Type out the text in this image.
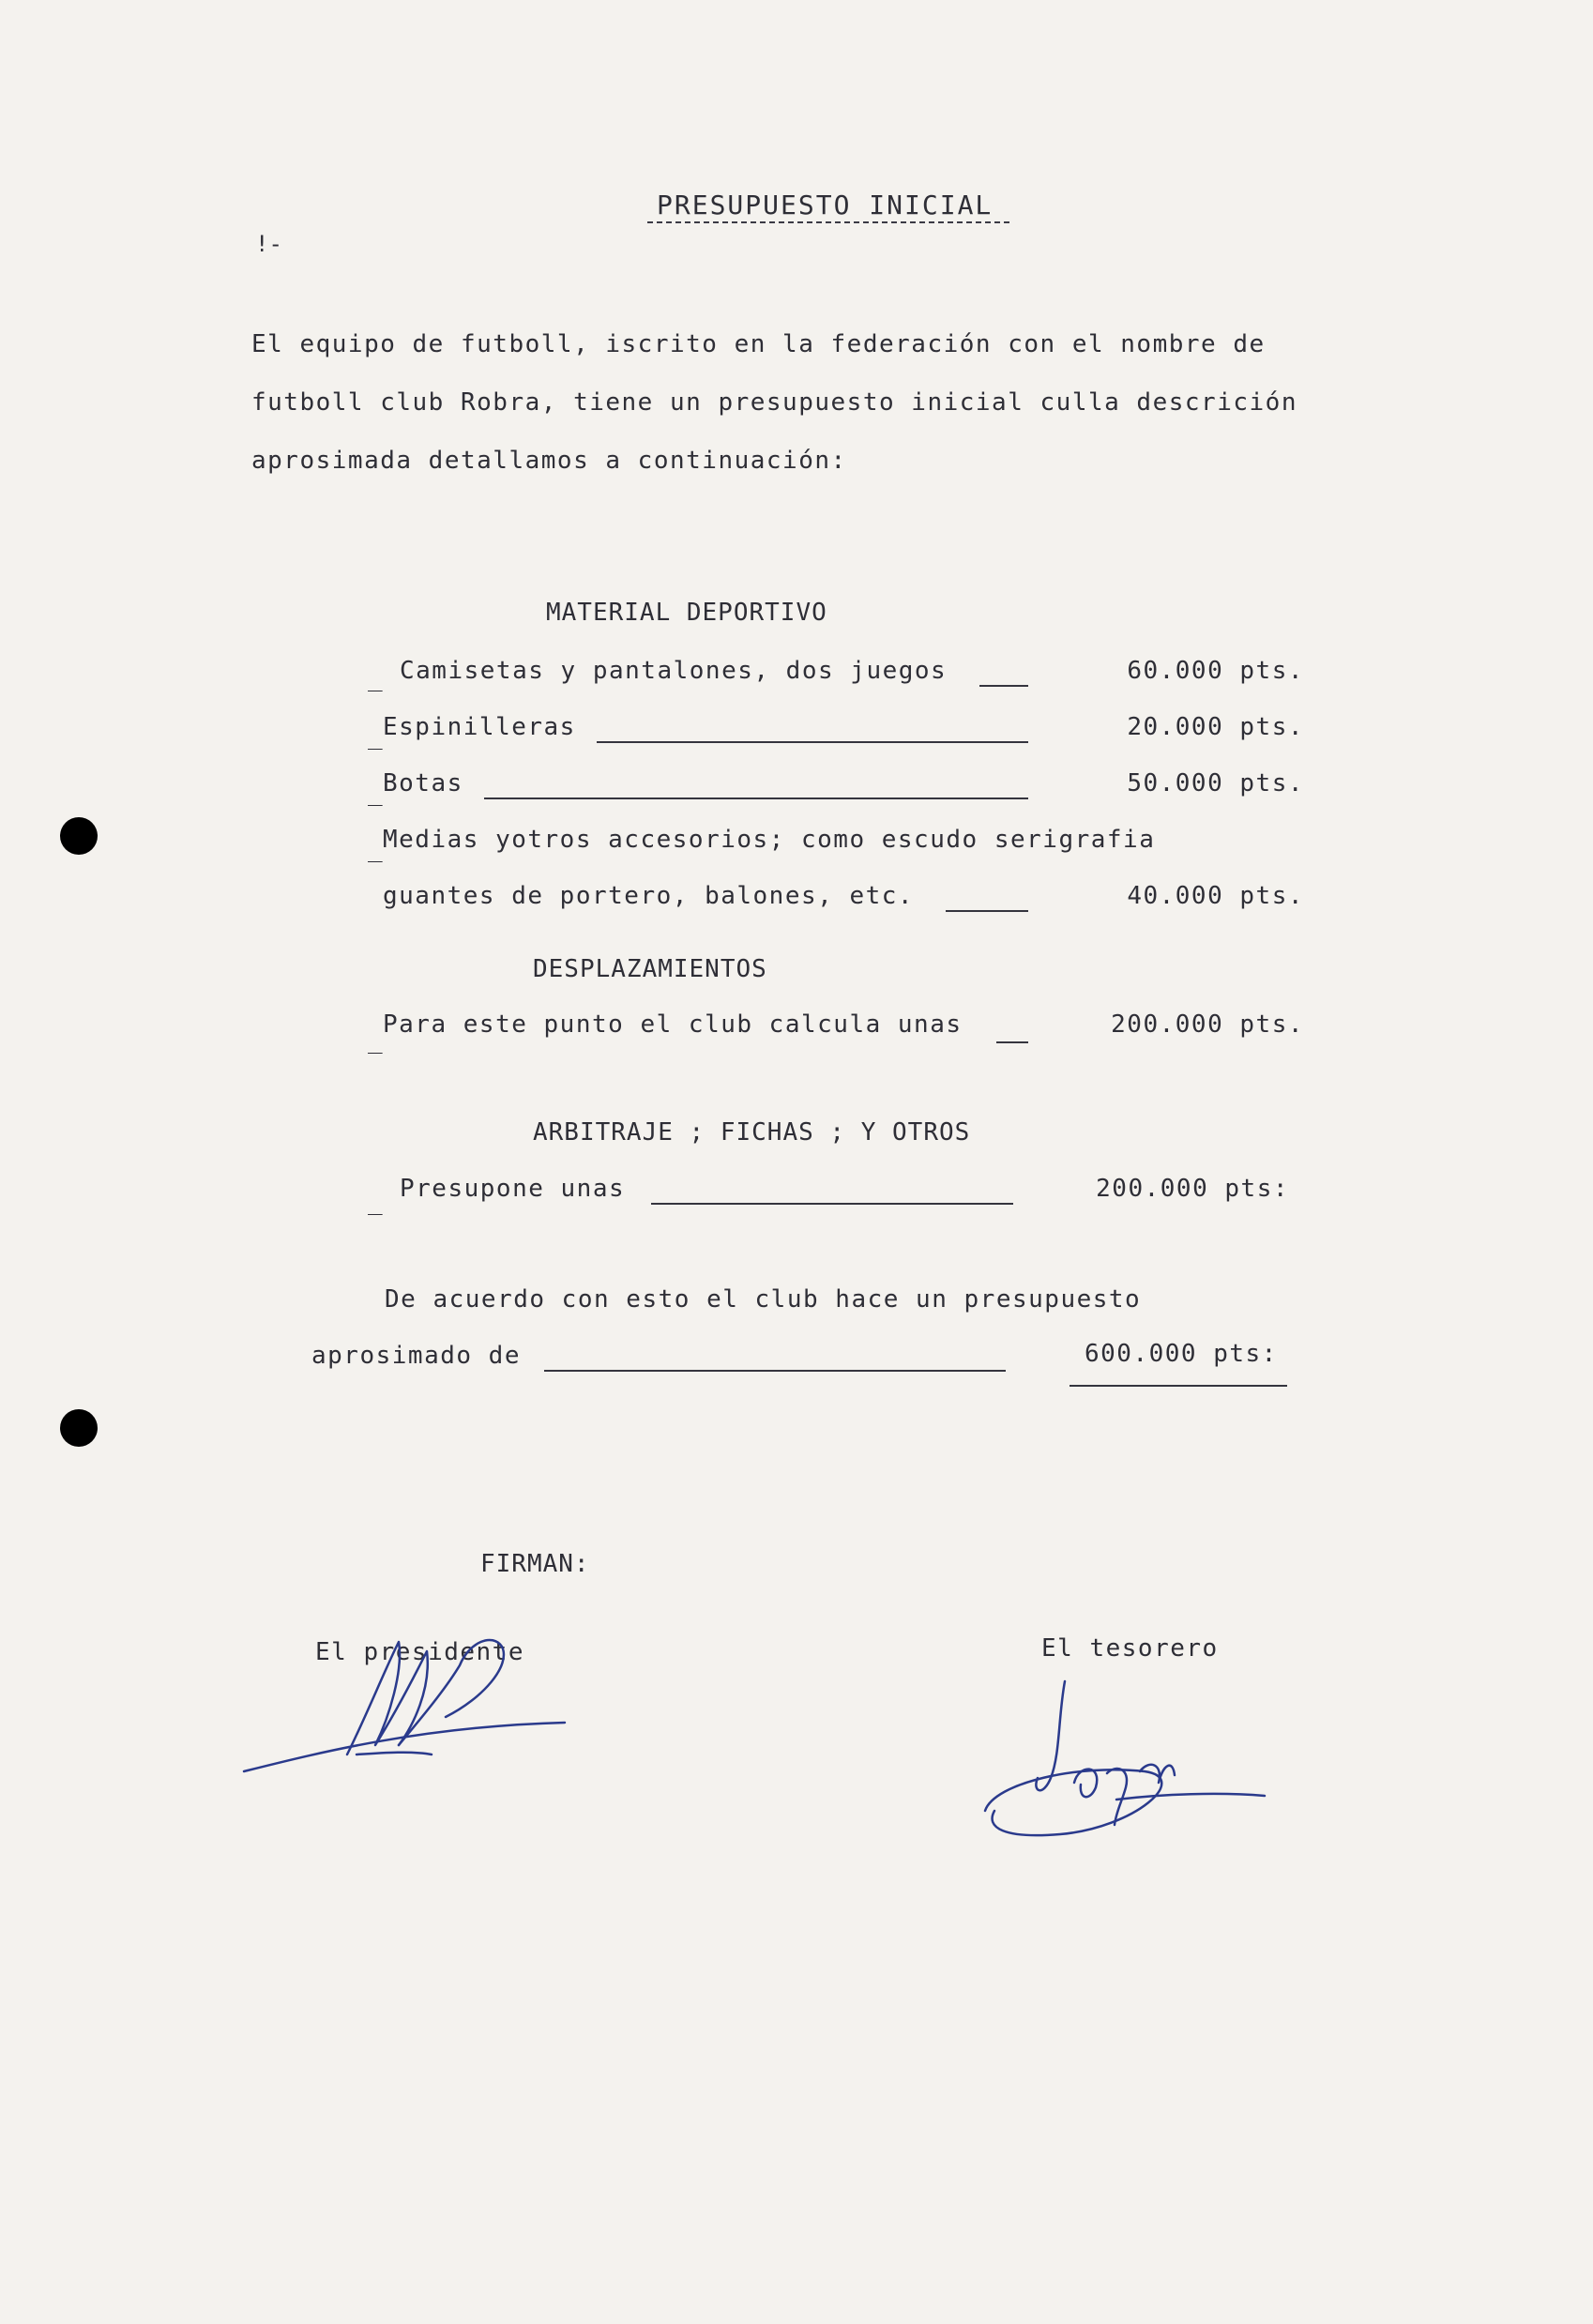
PRESUPUESTO INICIAL
!-
El equipo de futboll, iscrito en la federación con el nombre de
futboll club Robra, tiene un presupuesto inicial culla descrición
aprosimada detallamos a continuación:
MATERIAL DEPORTIVO
_ Camisetas y pantalones, dos juegos	60.000 pts.
_
Espinilleras	20.000 pts.
_
Botas	50.000 pts.
_
Medias yotros accesorios; como escudo serigrafia
guantes de portero, balones, etc.	40.000 pts.
DESPLAZAMIENTOS
_
Para este punto el club calcula unas	200.000 pts.
ARBITRAJE ; FICHAS ; Y OTROS
_ Presupone unas	200.000 pts:
De acuerdo con esto el club hace un presupuesto
aprosimado de	600.000 pts:
FIRMAN:
El presidente	El tesorero
